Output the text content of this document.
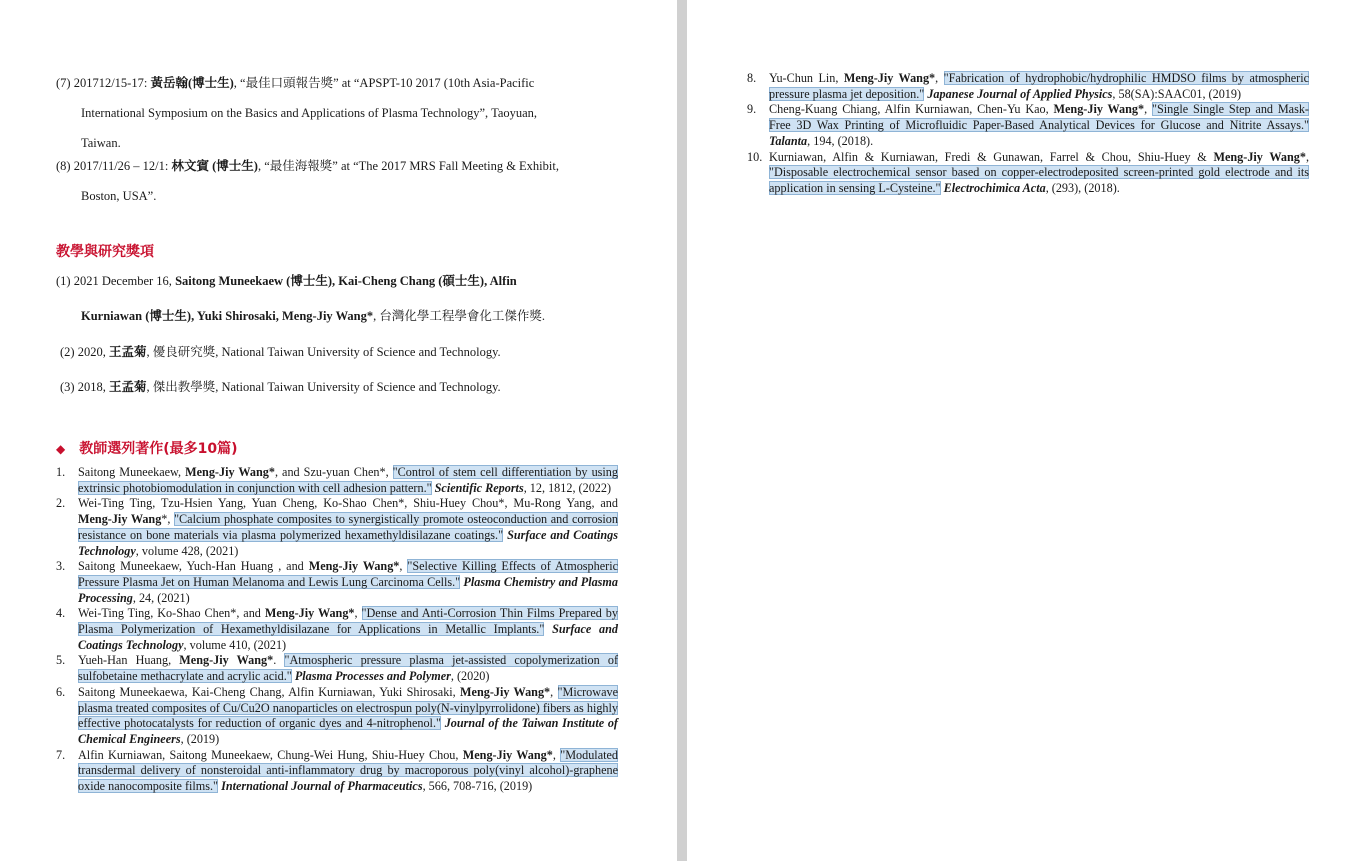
(7) 201712/15-17: 黃岳翰(博士生), “最佳口頭報告獎” at “APSPT-10 2017 (10th Asia-Pacific
International Symposium on the Basics and Applications of Plasma Technology”, Taoyuan,
Taiwan.

(8) 2017/11/26 – 12/1: 林文賓 (博士生), “最佳海報獎” at “The 2017 MRS Fall Meeting & Exhibit,
Boston, USA”.

教學與研究獎項

(1) 2021 December 16, Saitong Muneekaew (博士生), Kai-Cheng Chang (碩士生), Alfin

Kurniawan (博士生), Yuki Shirosaki, Meng-Jiy Wang*, 台灣化學工程學會化工傑作獎.

(2) 2020, 王孟菊, 優良研究獎, National Taiwan University of Science and Technology.

(3) 2018, 王孟菊, 傑出教學獎, National Taiwan University of Science and Technology.

◆ 教師選列著作(最多10篇)
1. Saitong Muneekaew, Meng-Jiy Wang*, and Szu-yuan Chen*, "Control of stem cell differentiation by using extrinsic photobiomodulation in conjunction with cell adhesion pattern." Scientific Reports, 12, 1812, (2022)
2. Wei-Ting Ting, Tzu-Hsien Yang, Yuan Cheng, Ko-Shao Chen*, Shiu-Huey Chou*, Mu-Rong Yang, and Meng-Jiy Wang*, "Calcium phosphate composites to synergistically promote osteoconduction and corrosion resistance on bone materials via plasma polymerized hexamethyldisilazane coatings." Surface and Coatings Technology, volume 428, (2021)
3. Saitong Muneekaew, Yuch-Han Huang , and Meng-Jiy Wang*, "Selective Killing Effects of Atmospheric Pressure Plasma Jet on Human Melanoma and Lewis Lung Carcinoma Cells." Plasma Chemistry and Plasma Processing, 24, (2021)
4. Wei-Ting Ting, Ko-Shao Chen*, and Meng-Jiy Wang*, "Dense and Anti-Corrosion Thin Films Prepared by Plasma Polymerization of Hexamethyldisilazane for Applications in Metallic Implants." Surface and Coatings Technology, volume 410, (2021)
5. Yueh-Han Huang, Meng-Jiy Wang*. "Atmospheric pressure plasma jet-assisted copolymerization of sulfobetaine methacrylate and acrylic acid." Plasma Processes and Polymer, (2020)
6. Saitong Muneekaewa, Kai-Cheng Chang, Alfin Kurniawan, Yuki Shirosaki, Meng-Jiy Wang*, "Microwave plasma treated composites of Cu/Cu2O nanoparticles on electrospun poly(N-vinylpyrrolidone) fibers as highly effective photocatalysts for reduction of organic dyes and 4-nitrophenol." Journal of the Taiwan Institute of Chemical Engineers, (2019)
7. Alfin Kurniawan, Saitong Muneekaew, Chung-Wei Hung, Shiu-Huey Chou, Meng-Jiy Wang*, "Modulated transdermal delivery of nonsteroidal anti-inflammatory drug by macroporous poly(vinyl alcohol)-graphene oxide nanocomposite films." International Journal of Pharmaceutics, 566, 708-716, (2019)
8. Yu-Chun Lin, Meng-Jiy Wang*, "Fabrication of hydrophobic/hydrophilic HMDSO films by atmospheric pressure plasma jet deposition." Japanese Journal of Applied Physics, 58(SA):SAAC01, (2019)
9. Cheng-Kuang Chiang, Alfin Kurniawan, Chen-Yu Kao, Meng-Jiy Wang*, "Single Single Step and Mask-Free 3D Wax Printing of Microfluidic Paper-Based Analytical Devices for Glucose and Nitrite Assays." Talanta, 194, (2018).
10. Kurniawan, Alfin & Kurniawan, Fredi & Gunawan, Farrel & Chou, Shiu-Huey & Meng-Jiy Wang*, "Disposable electrochemical sensor based on copper-electrodeposited screen-printed gold electrode and its application in sensing L-Cysteine." Electrochimica Acta, (293), (2018).
